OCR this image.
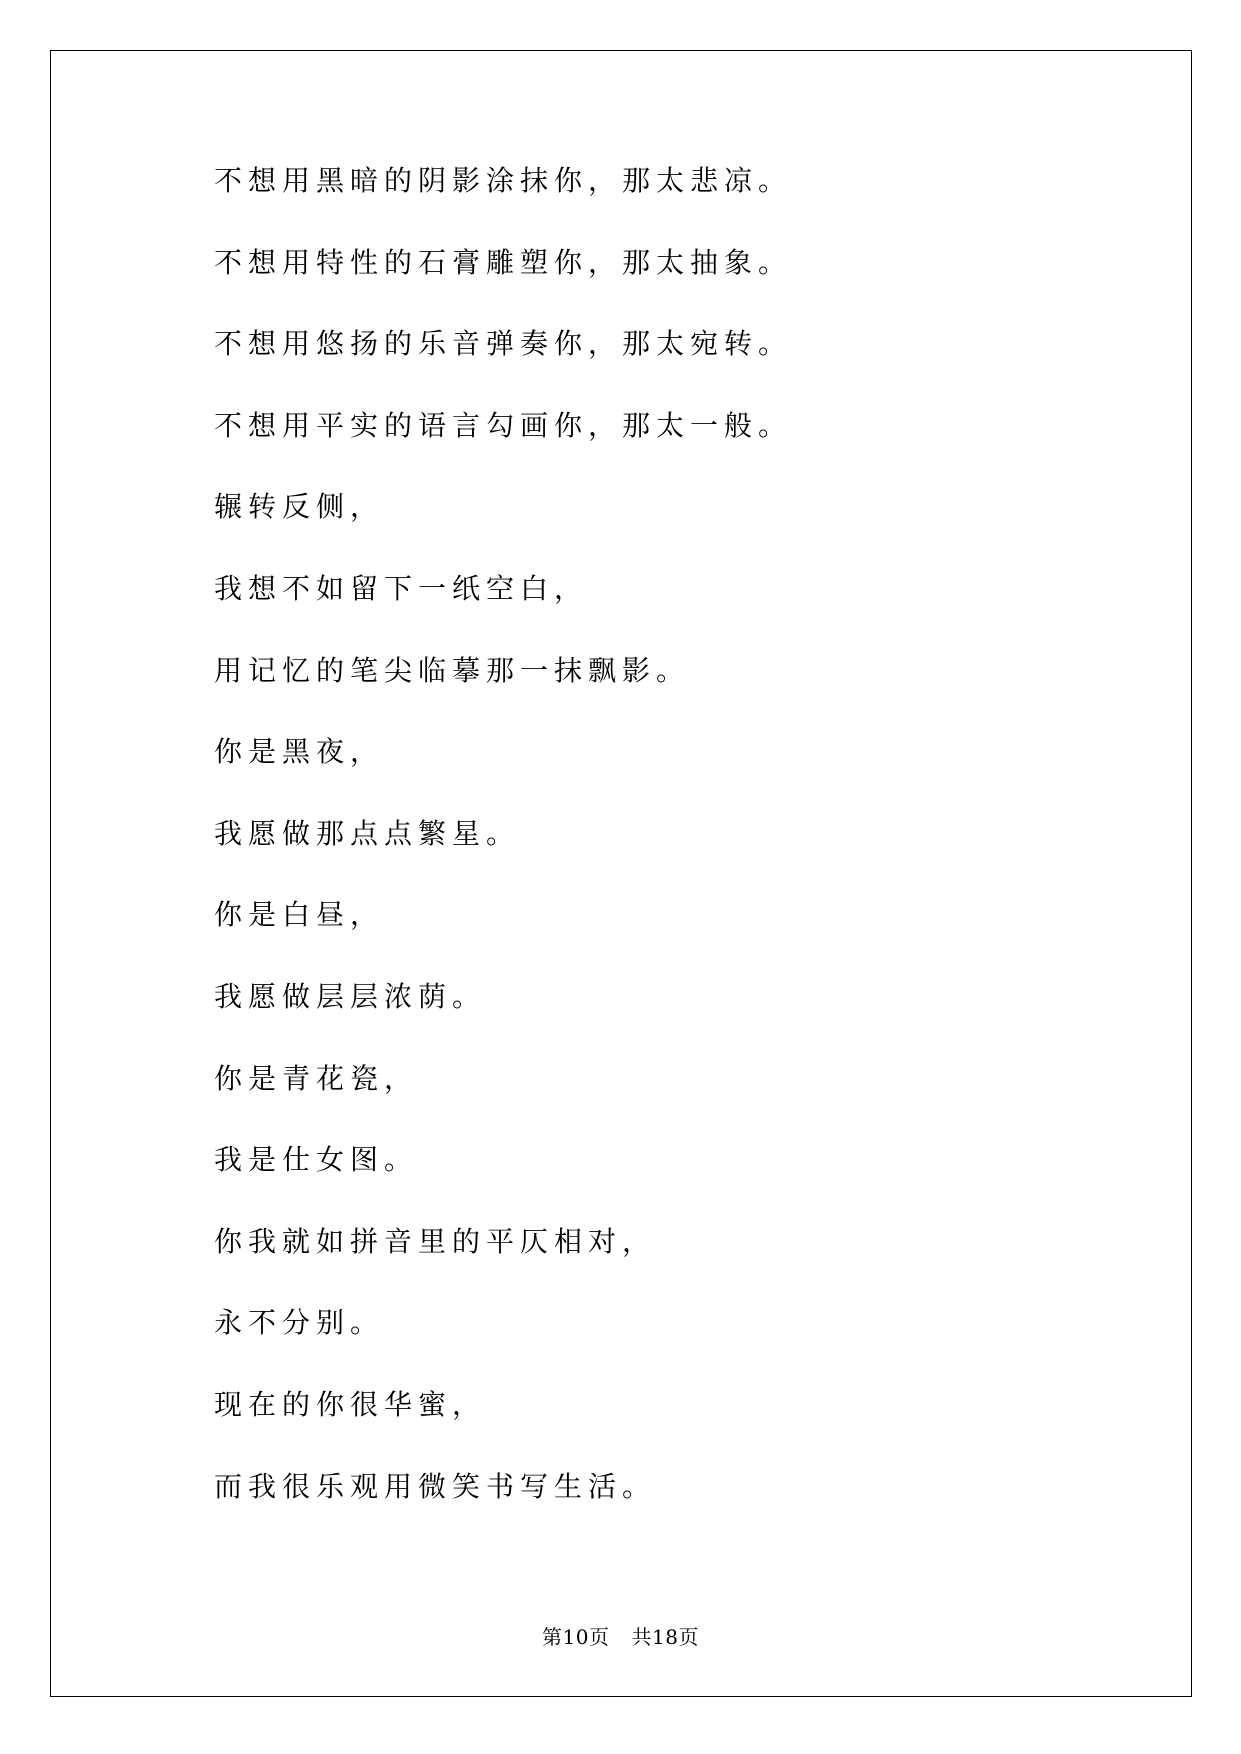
不想用黑暗的阴影涂抹你，那太悲凉。
不想用特性的石膏雕塑你，那太抽象。
不想用悠扬的乐音弹奏你，那太宛转。
不想用平实的语言勾画你，那太一般。
辗转反侧，
我想不如留下一纸空白，
用记忆的笔尖临摹那一抹飘影。
你是黑夜，
我愿做那点点繁星。
你是白昼，
我愿做层层浓荫。
你是青花瓷，
我是仕女图。
你我就如拼音里的平仄相对，
永不分别。
现在的你很华蜜，
而我很乐观用微笑书写生活。
第10页 共18页
